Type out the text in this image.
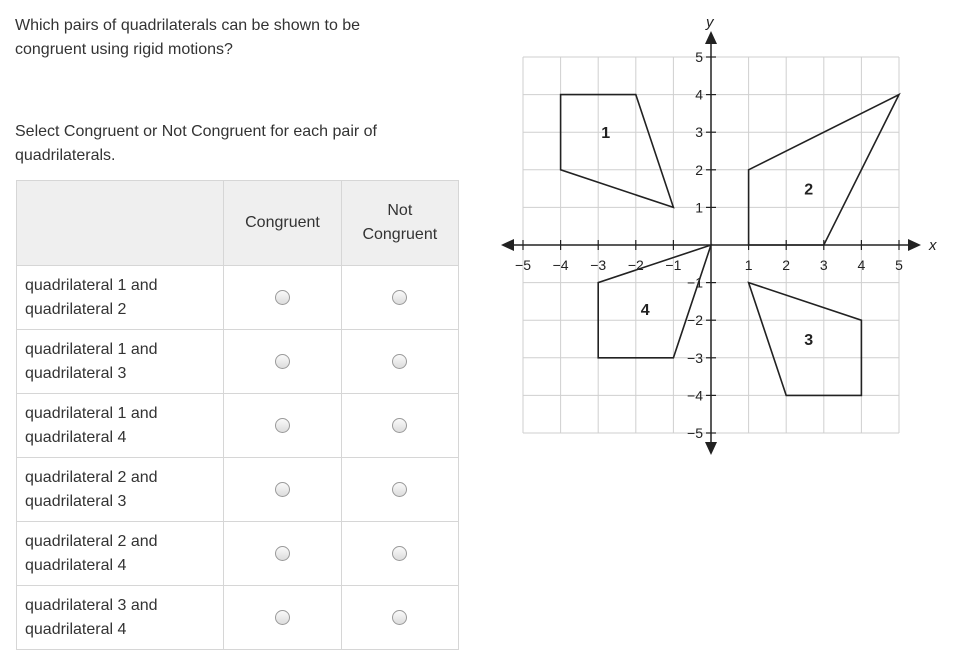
Which pairs of quadrilaterals can be shown to be congruent using rigid motions?

Select Congruent or Not Congruent for each pair of quadrilaterals.

	Congruent	Not
Congruent
quadrilateral 1 and
quadrilateral 2		
quadrilateral 1 and
quadrilateral 3		
quadrilateral 1 and
quadrilateral 4		
quadrilateral 2 and
quadrilateral 3		
quadrilateral 2 and
quadrilateral 4		
quadrilateral 3 and
quadrilateral 4		
x
y
−5 −4 −3 −2 −1	1 2 3 4 5
5
4
3
2
1
−1
−2
−3
−4
−5
1
2
3
4
